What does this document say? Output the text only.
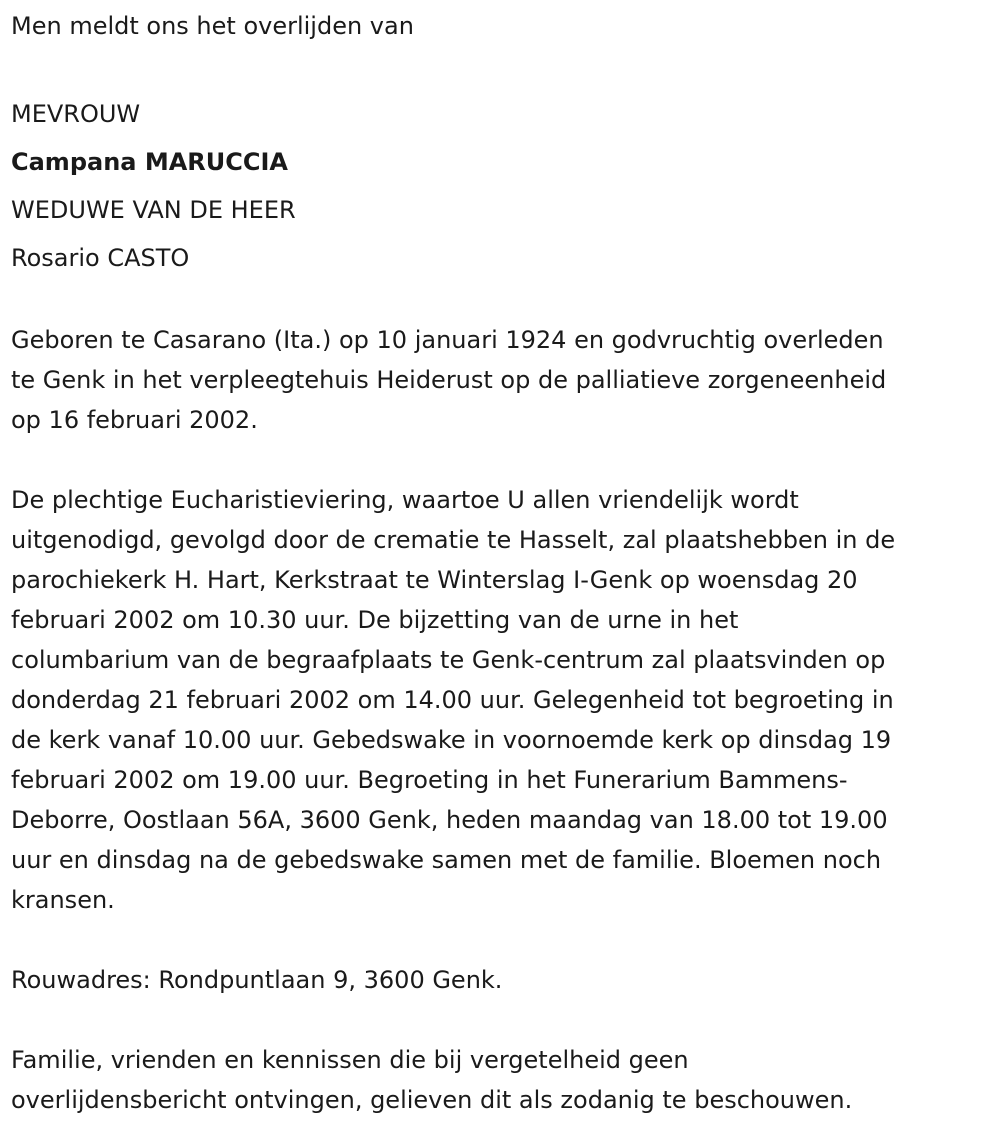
Men meldt ons het overlijden van

MEVROUW

Campana MARUCCIA

WEDUWE VAN DE HEER

Rosario CASTO

Geboren te Casarano (Ita.) op 10 januari 1924 en godvruchtig overleden

te Genk in het verpleegtehuis Heiderust op de palliatieve zorgeneenheid

op 16 februari 2002.

De plechtige Eucharistieviering, waartoe U allen vriendelijk wordt

uitgenodigd, gevolgd door de crematie te Hasselt, zal plaatshebben in de

parochiekerk H. Hart, Kerkstraat te Winterslag I-Genk op woensdag 20

februari 2002 om 10.30 uur. De bijzetting van de urne in het

columbarium van de begraafplaats te Genk-centrum zal plaatsvinden op

donderdag 21 februari 2002 om 14.00 uur. Gelegenheid tot begroeting in

de kerk vanaf 10.00 uur. Gebedswake in voornoemde kerk op dinsdag 19

februari 2002 om 19.00 uur. Begroeting in het Funerarium Bammens-

Deborre, Oostlaan 56A, 3600 Genk, heden maandag van 18.00 tot 19.00

uur en dinsdag na de gebedswake samen met de familie. Bloemen noch

kransen.

Rouwadres: Rondpuntlaan 9, 3600 Genk.

Familie, vrienden en kennissen die bij vergetelheid geen

overlijdensbericht ontvingen, gelieven dit als zodanig te beschouwen.
